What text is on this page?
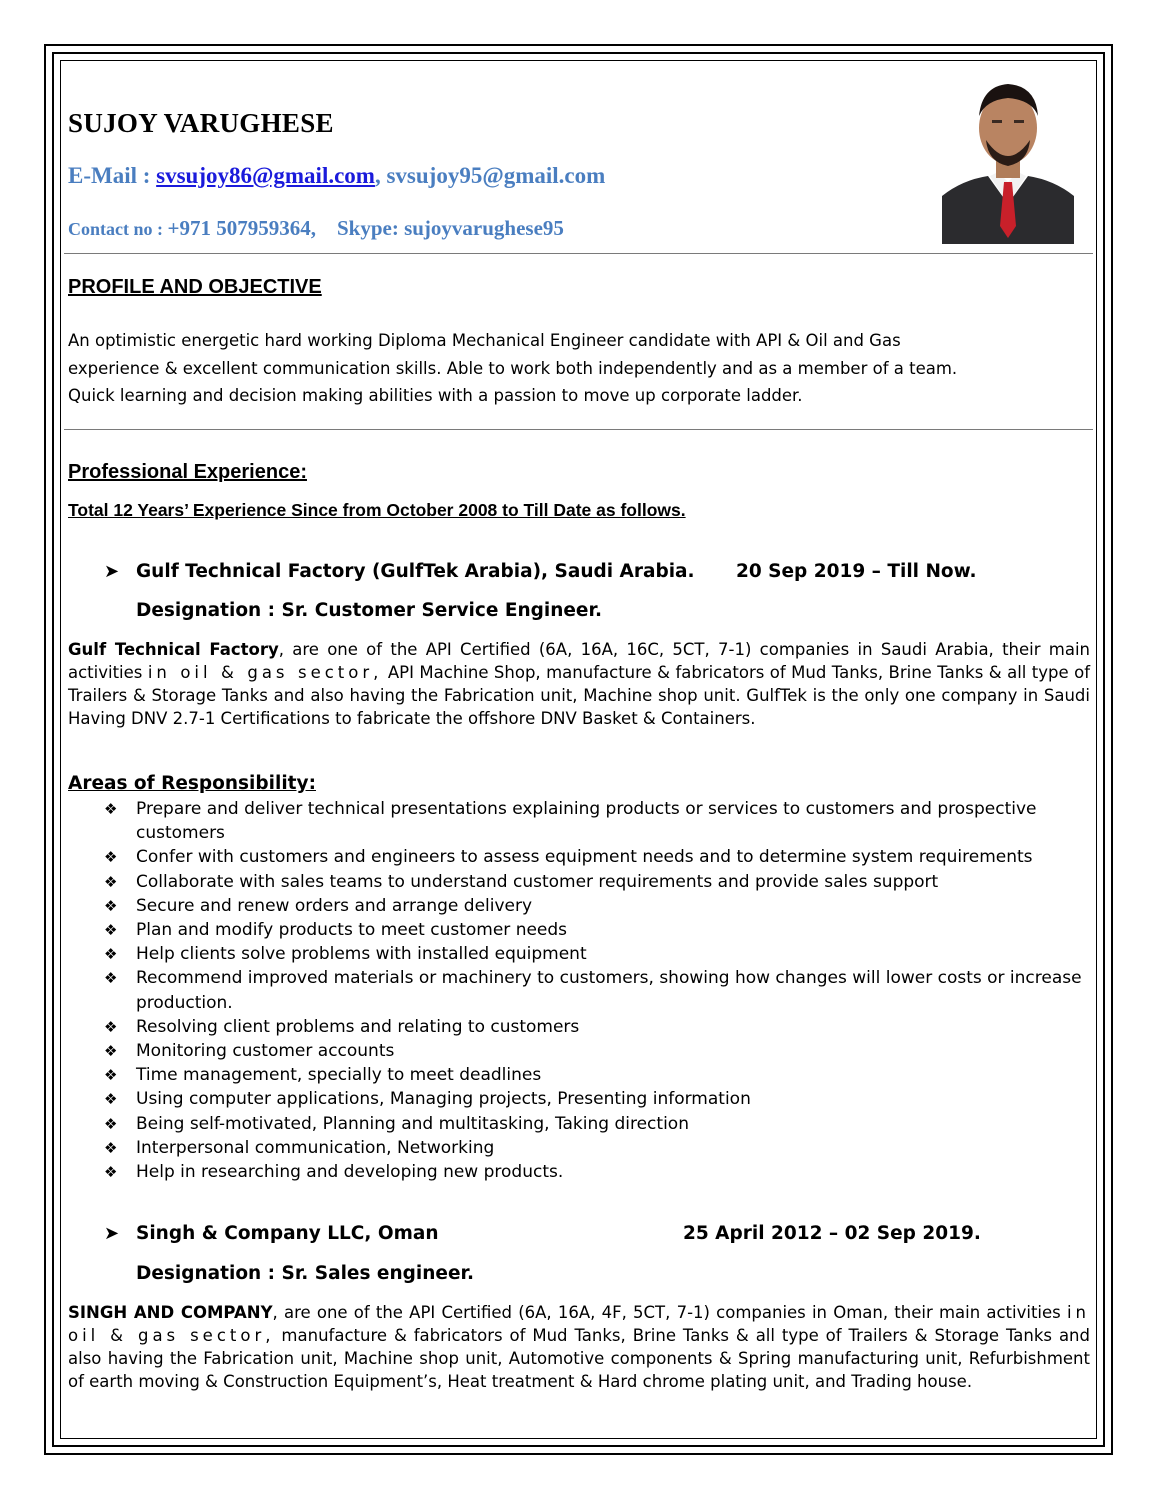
SUJOY VARUGHESE
E-Mail : svsujoy86@gmail.com, svsujoy95@gmail.com
Contact no : +971 507959364, Skype: sujoyvarughese95
PROFILE AND OBJECTIVE
An optimistic energetic hard working Diploma Mechanical Engineer candidate with API & Oil and Gas
experience & excellent communication skills. Able to work both independently and as a member of a team.
Quick learning and decision making abilities with a passion to move up corporate ladder.
Professional Experience:
Total 12 Years’ Experience Since from October 2008 to Till Date as follows.
➤ Gulf Technical Factory (GulfTek Arabia), Saudi Arabia. 20 Sep 2019 – Till Now.
Designation : Sr. Customer Service Engineer.
Gulf Technical Factory, are one of the API Certified (6A, 16A, 16C, 5CT, 7-1) companies in Saudi Arabia, their main activities in oil & gas sector, API Machine Shop, manufacture & fabricators of Mud Tanks, Brine Tanks & all type of Trailers & Storage Tanks and also having the Fabrication unit, Machine shop unit. GulfTek is the only one company in Saudi Having DNV 2.7-1 Certifications to fabricate the offshore DNV Basket & Containers.
Areas of Responsibility:
❖ Prepare and deliver technical presentations explaining products or services to customers and prospective customers
❖ Confer with customers and engineers to assess equipment needs and to determine system requirements
❖ Collaborate with sales teams to understand customer requirements and provide sales support
❖ Secure and renew orders and arrange delivery
❖ Plan and modify products to meet customer needs
❖ Help clients solve problems with installed equipment
❖ Recommend improved materials or machinery to customers, showing how changes will lower costs or increase production.
❖ Resolving client problems and relating to customers
❖ Monitoring customer accounts
❖ Time management, specially to meet deadlines
❖ Using computer applications, Managing projects, Presenting information
❖ Being self-motivated, Planning and multitasking, Taking direction
❖ Interpersonal communication, Networking
❖ Help in researching and developing new products.
➤ Singh & Company LLC, Oman	25 April 2012 – 02 Sep 2019.
Designation : Sr. Sales engineer.
SINGH AND COMPANY, are one of the API Certified (6A, 16A, 4F, 5CT, 7-1) companies in Oman, their main activities in oil & gas sector, manufacture & fabricators of Mud Tanks, Brine Tanks & all type of Trailers & Storage Tanks and also having the Fabrication unit, Machine shop unit, Automotive components & Spring manufacturing unit, Refurbishment of earth moving & Construction Equipment’s, Heat treatment & Hard chrome plating unit, and Trading house.
